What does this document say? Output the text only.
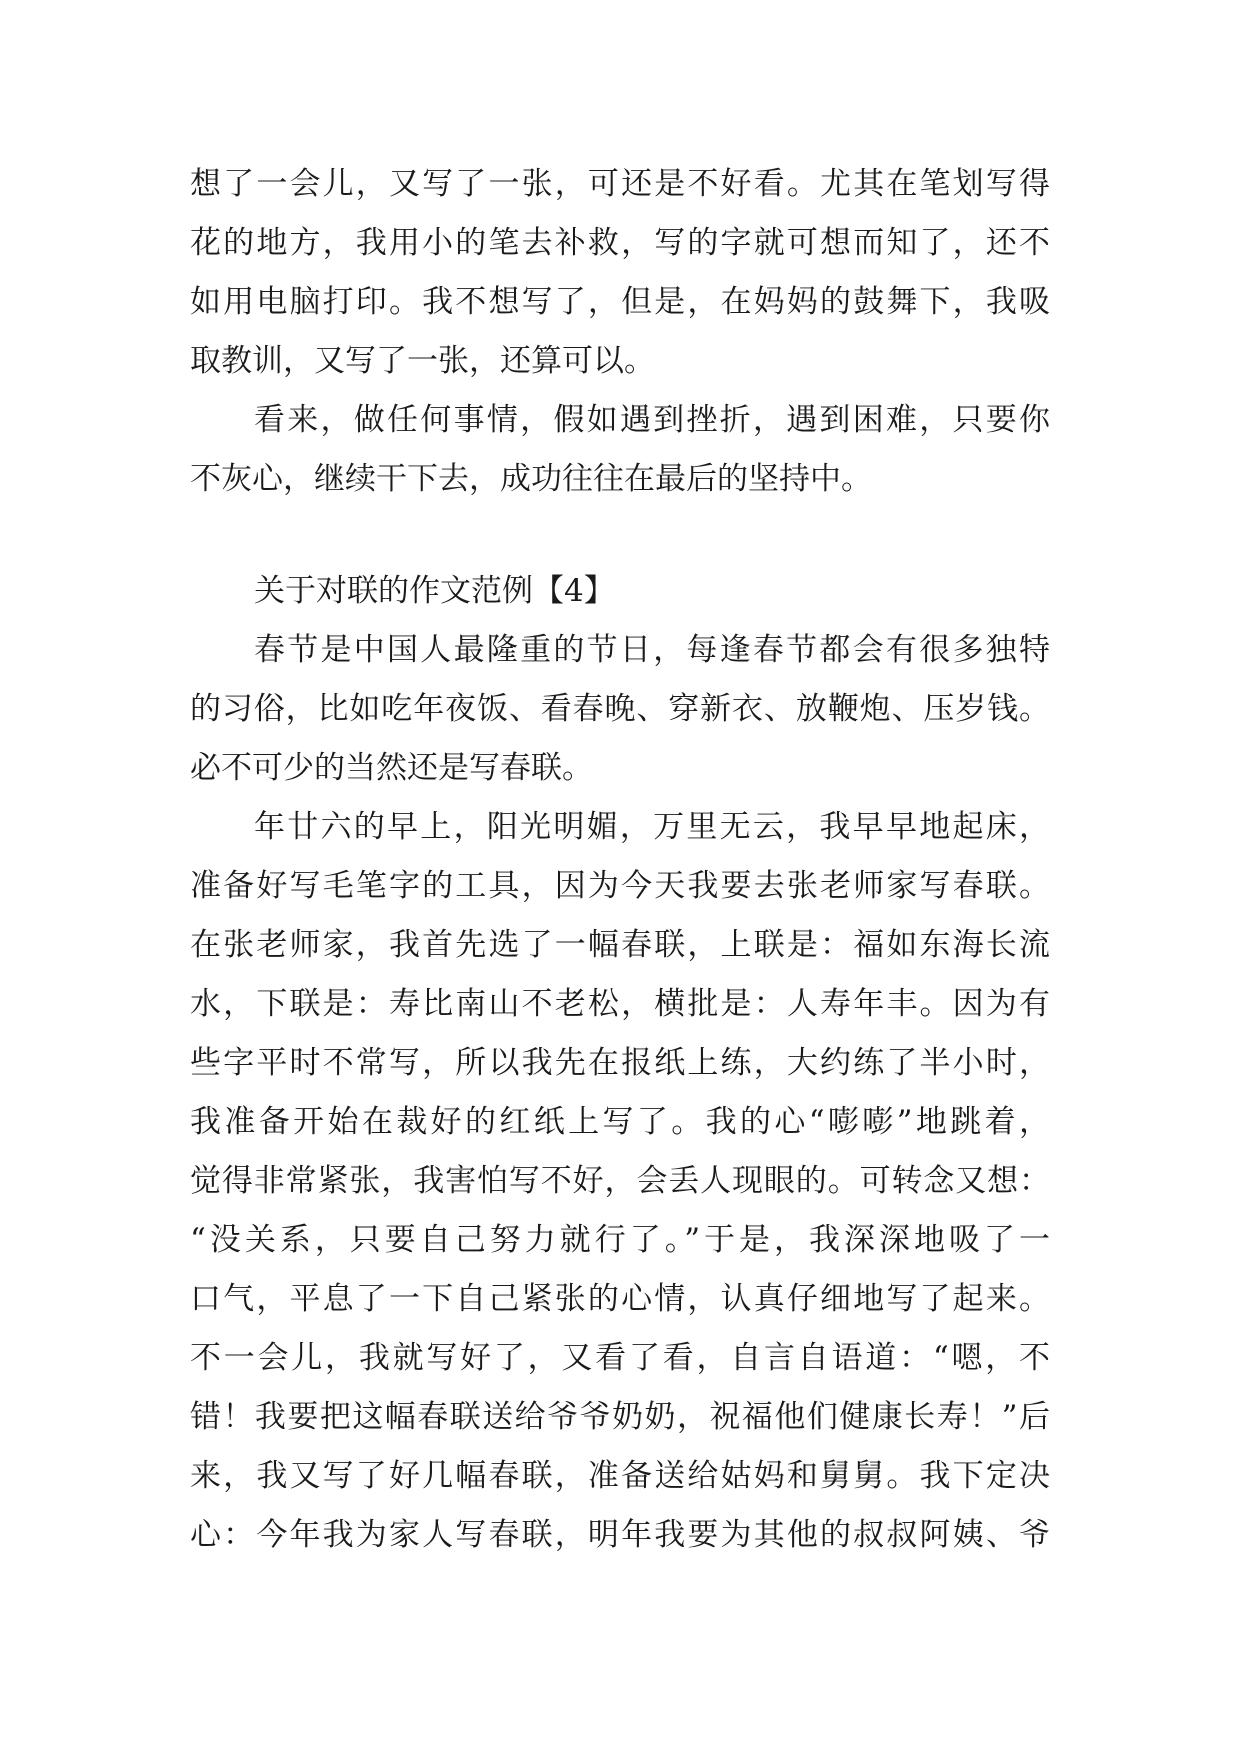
想了一会儿，又写了一张，可还是不好看。尤其在笔划写得
花的地方，我用小的笔去补救，写的字就可想而知了，还不
如用电脑打印。我不想写了，但是，在妈妈的鼓舞下，我吸
取教训，又写了一张，还算可以。
看来，做任何事情，假如遇到挫折，遇到困难，只要你
不灰心，继续干下去，成功往往在最后的坚持中。
关于对联的作文范例【4】
春节是中国人最隆重的节日，每逢春节都会有很多独特
的习俗，比如吃年夜饭、看春晚、穿新衣、放鞭炮、压岁钱。
必不可少的当然还是写春联。
年廿六的早上，阳光明媚，万里无云，我早早地起床，
准备好写毛笔字的工具，因为今天我要去张老师家写春联。
在张老师家，我首先选了一幅春联，上联是：福如东海长流
水，下联是：寿比南山不老松，横批是：人寿年丰。因为有
些字平时不常写，所以我先在报纸上练，大约练了半小时，
我准备开始在裁好的红纸上写了。我的心“嘭嘭”地跳着，
觉得非常紧张，我害怕写不好，会丢人现眼的。可转念又想：
“没关系，只要自己努力就行了。”于是，我深深地吸了一
口气，平息了一下自己紧张的心情，认真仔细地写了起来。
不一会儿，我就写好了，又看了看，自言自语道：“嗯，不
错！我要把这幅春联送给爷爷奶奶，祝福他们健康长寿！”后
来，我又写了好几幅春联，准备送给姑妈和舅舅。我下定决
心：今年我为家人写春联，明年我要为其他的叔叔阿姨、爷
